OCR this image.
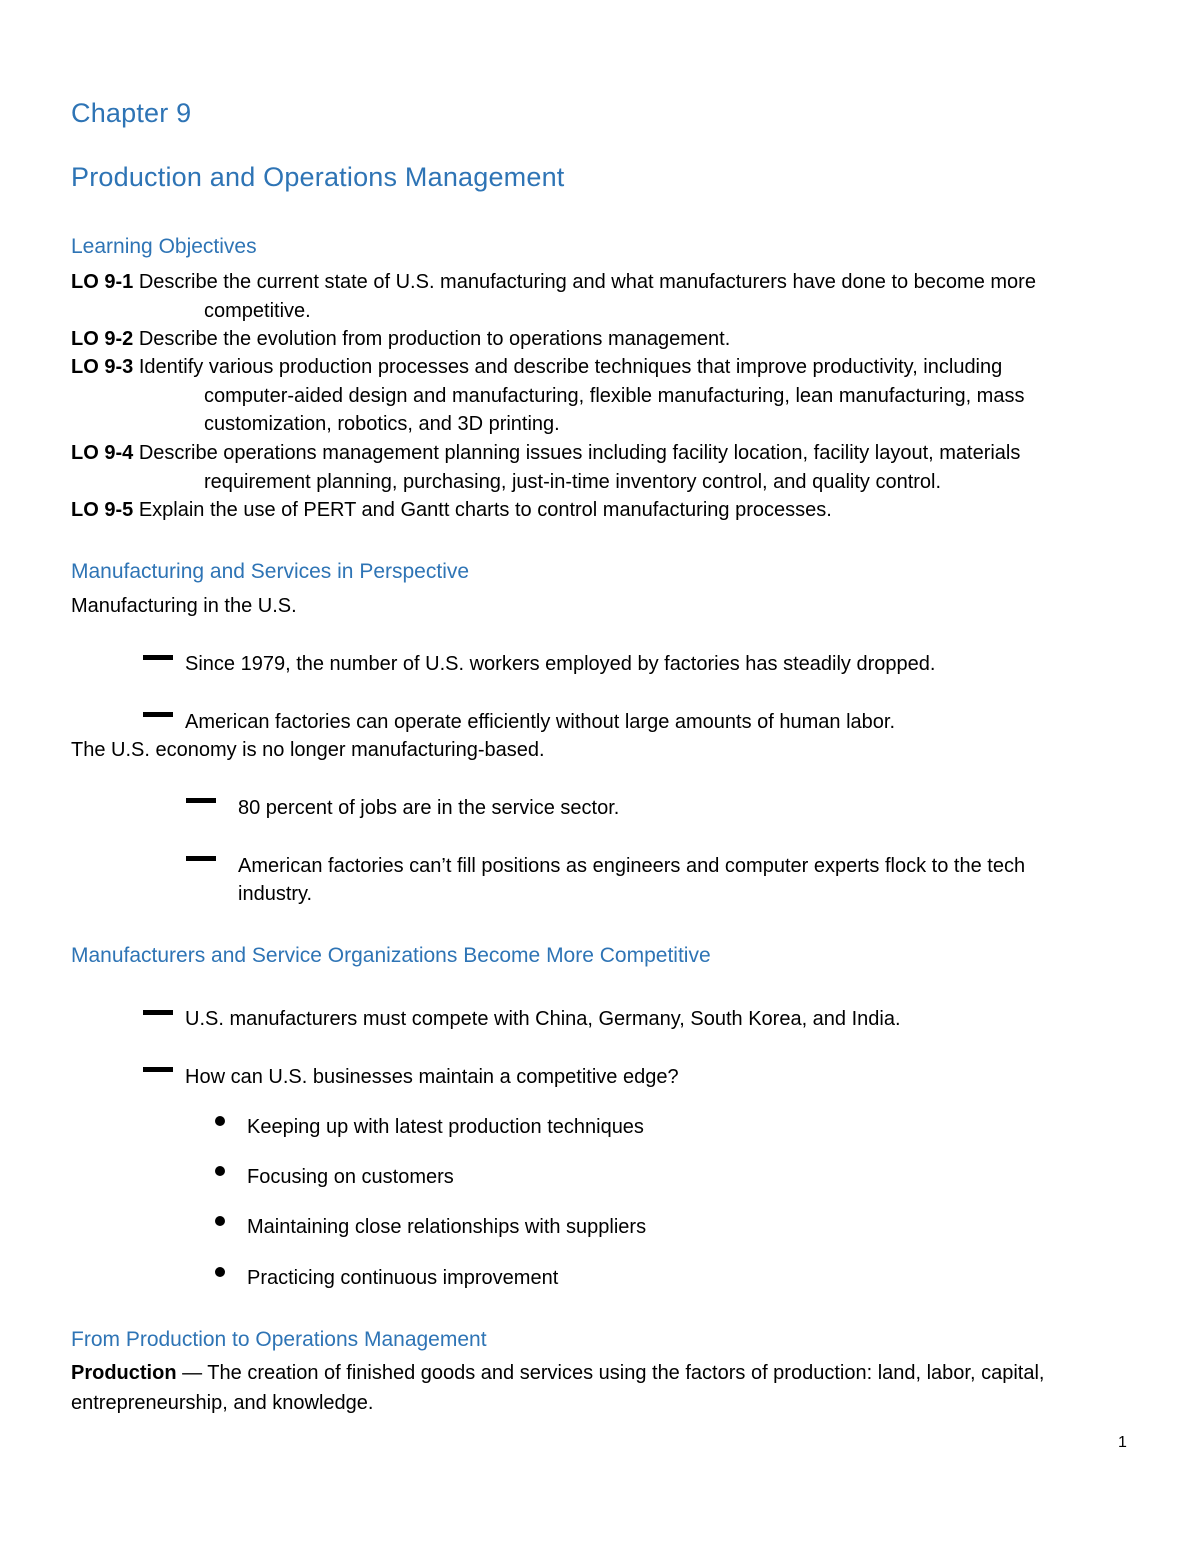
Chapter 9
Production and Operations Management
Learning Objectives
LO 9-1 Describe the current state of U.S. manufacturing and what manufacturers have done to become more
competitive.
LO 9-2 Describe the evolution from production to operations management.
LO 9-3 Identify various production processes and describe techniques that improve productivity, including
computer-aided design and manufacturing, flexible manufacturing, lean manufacturing, mass
customization, robotics, and 3D printing.
LO 9-4 Describe operations management planning issues including facility location, facility layout, materials
requirement planning, purchasing, just-in-time inventory control, and quality control.
LO 9-5 Explain the use of PERT and Gantt charts to control manufacturing processes.
Manufacturing and Services in Perspective
Manufacturing in the U.S.
Since 1979, the number of U.S. workers employed by factories has steadily dropped.
American factories can operate efficiently without large amounts of human labor.
The U.S. economy is no longer manufacturing-based.
80 percent of jobs are in the service sector.
American factories can’t fill positions as engineers and computer experts flock to the tech
industry.
Manufacturers and Service Organizations Become More Competitive
U.S. manufacturers must compete with China, Germany, South Korea, and India.
How can U.S. businesses maintain a competitive edge?
Keeping up with latest production techniques
Focusing on customers
Maintaining close relationships with suppliers
Practicing continuous improvement
From Production to Operations Management
Production — The creation of finished goods and services using the factors of production: land, labor, capital,
entrepreneurship, and knowledge.
1
